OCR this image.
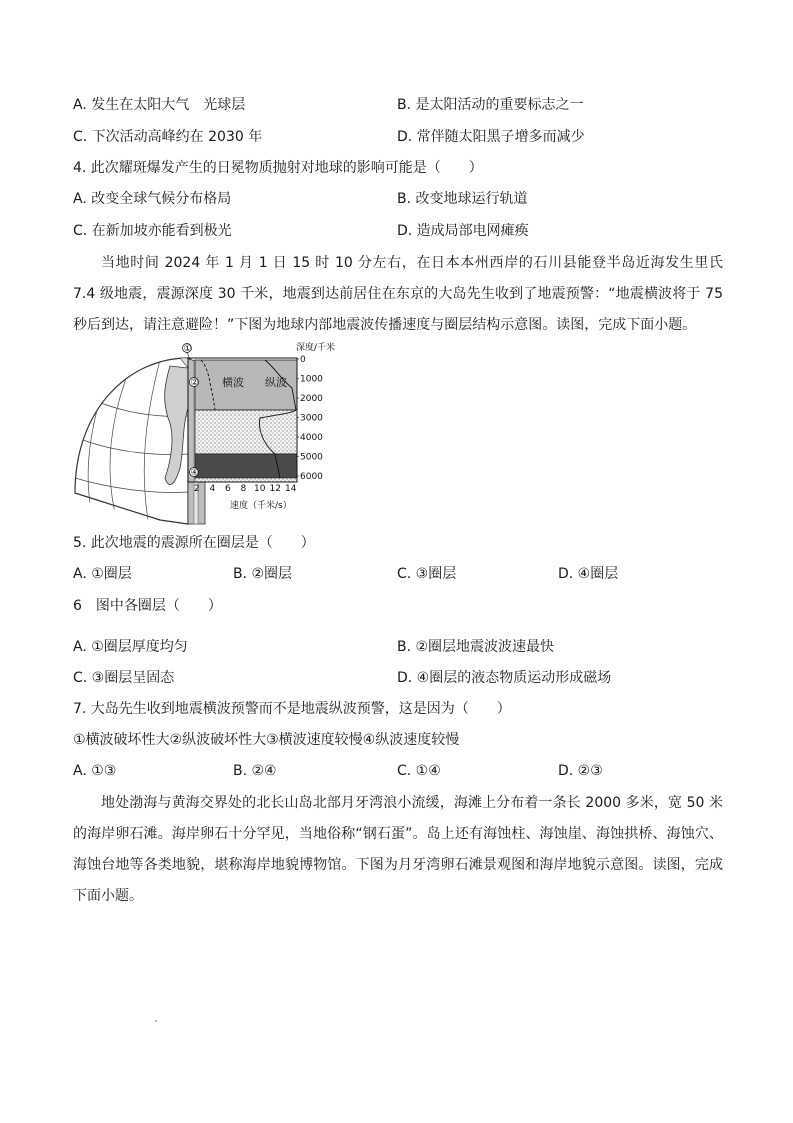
A. 发生在太阳大气　光球层	B. 是太阳活动的重要标志之一
C. 下次活动高峰约在 2030 年	D. 常伴随太阳黑子增多而减少
4. 此次耀斑爆发产生的日冕物质抛射对地球的影响可能是（　　）
A. 改变全球气候分布格局	B. 改变地球运行轨道
C. 在新加坡亦能看到极光	D. 造成局部电网瘫痪
当地时间 2024 年 1 月 1 日 15 时 10 分左右，在日本本州西岸的石川县能登半岛近海发生里氏 7.4 级地震，震源深度 30 千米，地震到达前居住在东京的大岛先生收到了地震预警：“地震横波将于 75 秒后到达，请注意避险！”下图为地球内部地震波传播速度与圈层结构示意图。读图，完成下面小题。
横波 纵波
①
②
④
深度/千米
0
1000
2000
3000
4000
5000
6000
2 4 6 8 10 12 14
速度（千米/s）
5. 此次地震的震源所在圈层是（　　）
A. ①圈层	B. ②圈层	C. ③圈层	D. ④圈层
6　图中各圈层（　　）
A. ①圈层厚度均匀	B. ②圈层地震波波速最快
C. ③圈层呈固态	D. ④圈层的液态物质运动形成磁场
7. 大岛先生收到地震横波预警而不是地震纵波预警，这是因为（　　）
①横波破坏性大②纵波破坏性大③横波速度较慢④纵波速度较慢
A. ①③	B. ②④	C. ①④	D. ②③
地处渤海与黄海交界处的北长山岛北部月牙湾浪小流缓，海滩上分布着一条长 2000 多米，宽 50 米的海岸卵石滩。海岸卵石十分罕见，当地俗称“钢石蛋”。岛上还有海蚀柱、海蚀崖、海蚀拱桥、海蚀穴、海蚀台地等各类地貌，堪称海岸地貌博物馆。下图为月牙湾卵石滩景观图和海岸地貌示意图。读图，完成下面小题。
